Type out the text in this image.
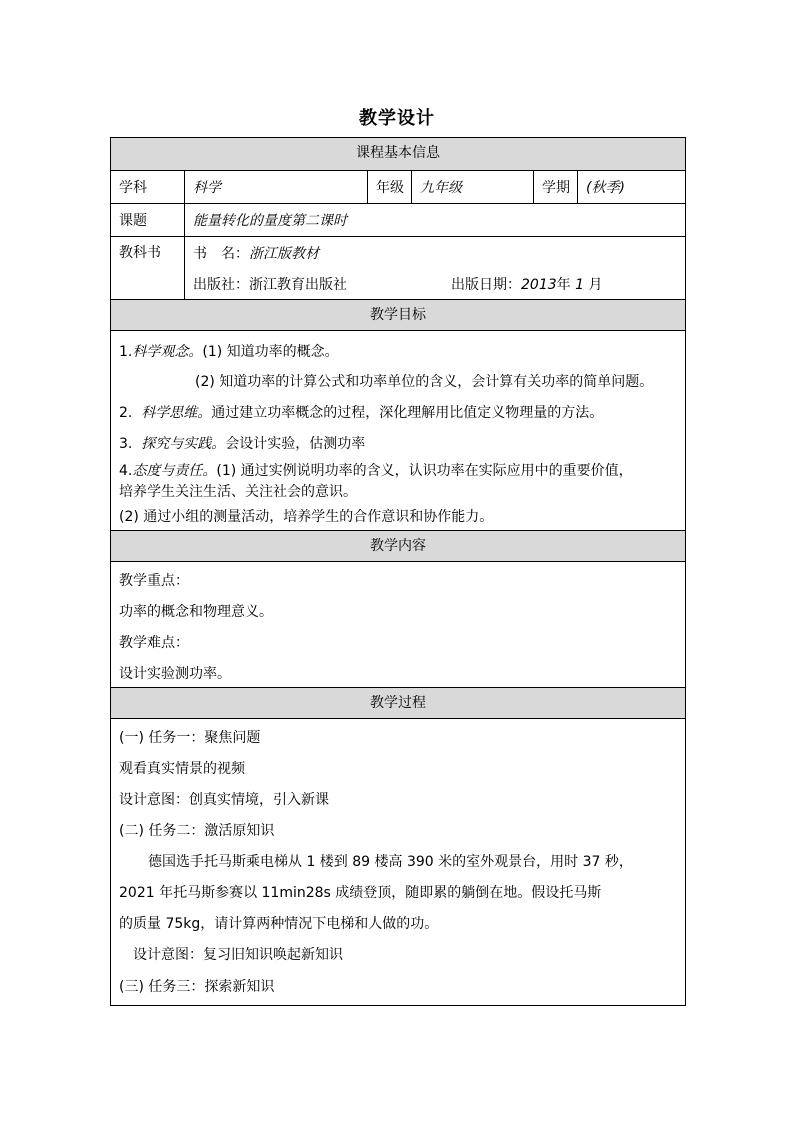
教学设计
课程基本信息
学科	科学	年级	九年级	学期	(秋季)
课题	能量转化的量度第二课时
教科书	书　名：浙江版教材
出版社：浙江教育出版社	出版日期：2013年 1 月
教学目标
1.科学观念。(1) 知道功率的概念。
(2) 知道功率的计算公式和功率单位的含义，会计算有关功率的简单问题。
2. 科学思维。通过建立功率概念的过程，深化理解用比值定义物理量的方法。
3. 探究与实践。会设计实验，估测功率
4.态度与责任。(1) 通过实例说明功率的含义，认识功率在实际应用中的重要价值，
培养学生关注生活、关注社会的意识。
(2) 通过小组的测量活动，培养学生的合作意识和协作能力。
教学内容
教学重点：
功率的概念和物理意义。
教学难点：
设计实验测功率。
教学过程
(一) 任务一：聚焦问题
观看真实情景的视频
设计意图：创真实情境，引入新课
(二) 任务二：激活原知识
德国选手托马斯乘电梯从 1 楼到 89 楼高 390 米的室外观景台，用时 37 秒，
2021 年托马斯参赛以 11min28s 成绩登顶，随即累的躺倒在地。假设托马斯
的质量 75kg，请计算两种情况下电梯和人做的功。
设计意图：复习旧知识唤起新知识
(三) 任务三：探索新知识
